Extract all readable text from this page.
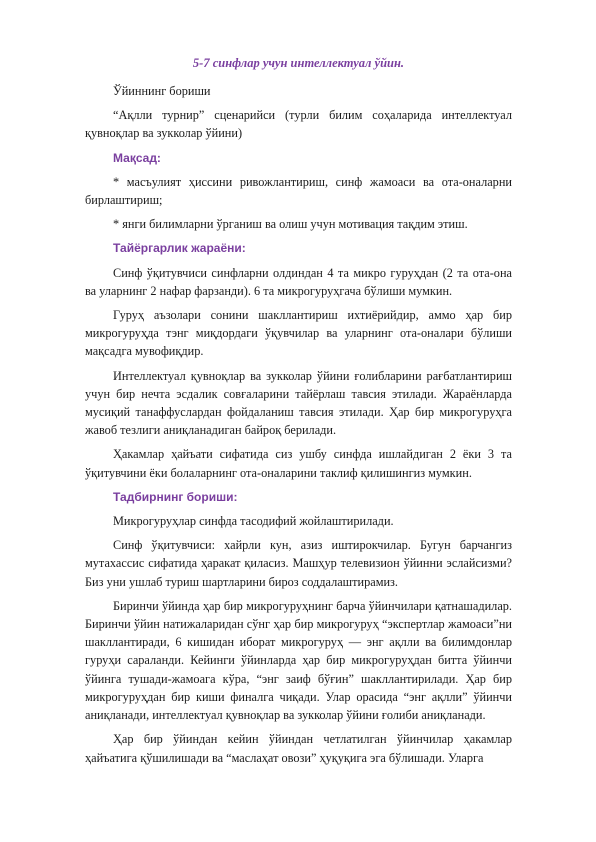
5-7 синфлар учун интеллектуал ўйин.

Ўйиннинг бориши

“Ақлли турнир” сценарийси (турли билим соҳаларида интеллектуал қувноқлар ва зукколар ўйини)

Мақсад:

* масъулият ҳиссини ривожлантириш, синф жамоаси ва ота-оналарни бирлаштириш;

* янги билимларни ўрганиш ва олиш учун мотивация тақдим этиш.

Тайёргарлик жараёни:

Синф ўқитувчиси синфларни олдиндан 4 та микро гуруҳдан (2 та ота-она ва уларнинг 2 нафар фарзанди). 6 та микрогуруҳгача бўлиши мумкин.

Гуруҳ аъзолари сонини шакллантириш ихтиёрийдир, аммо ҳар бир микрогуруҳда тэнг миқдордаги ўқувчилар ва уларнинг ота-оналари бўлиши мақсадга мувофиқдир.

Интеллектуал қувноқлар ва зукколар ўйини ғолибларини рағбатлантириш учун бир нечта эсдалик совғаларини тайёрлаш тавсия этилади. Жараёнларда мусиқий танаффуслардан фойдаланиш тавсия этилади. Ҳар бир микрогуруҳга жавоб тезлиги аниқланадиган байроқ берилади.

Ҳакамлар ҳайъати сифатида сиз ушбу синфда ишлайдиган 2 ёки 3 та ўқитувчини ёки болаларнинг ота-оналарини таклиф қилишингиз мумкин.

Тадбирнинг бориши:

Микрогуруҳлар синфда тасодифий жойлаштирилади.

Синф ўқитувчиси: хайрли кун, азиз иштирокчилар. Бугун барчангиз мутахассис сифатида ҳаракат қиласиз. Машҳур телевизион ўйинни эслайсизми? Биз уни ушлаб туриш шартларини бироз соддалаштирамиз.

Биринчи ўйинда ҳар бир микрогуруҳнинг барча ўйинчилари қатнашадилар. Биринчи ўйин натижаларидан сўнг ҳар бир микрогуруҳ “экспертлар жамоаси”ни шакллантиради, 6 кишидан иборат микрогуруҳ — энг ақлли ва билимдонлар гуруҳи сараланди. Кейинги ўйинларда ҳар бир микрогуруҳдан битта ўйинчи ўйинга тушади-жамоага кўра, “энг заиф бўғин” шакллантирилади. Ҳар бир микрогуруҳдан бир киши финалга чиқади. Улар орасида “энг ақлли” ўйинчи аниқланади, интеллектуал қувноқлар ва зукколар ўйини ғолиби аниқланади.

Ҳар бир ўйиндан кейин ўйиндан четлатилган ўйинчилар ҳакамлар ҳайъатига қўшилишади ва “маслаҳат овози” ҳуқуқига эга бўлишади. Уларга
